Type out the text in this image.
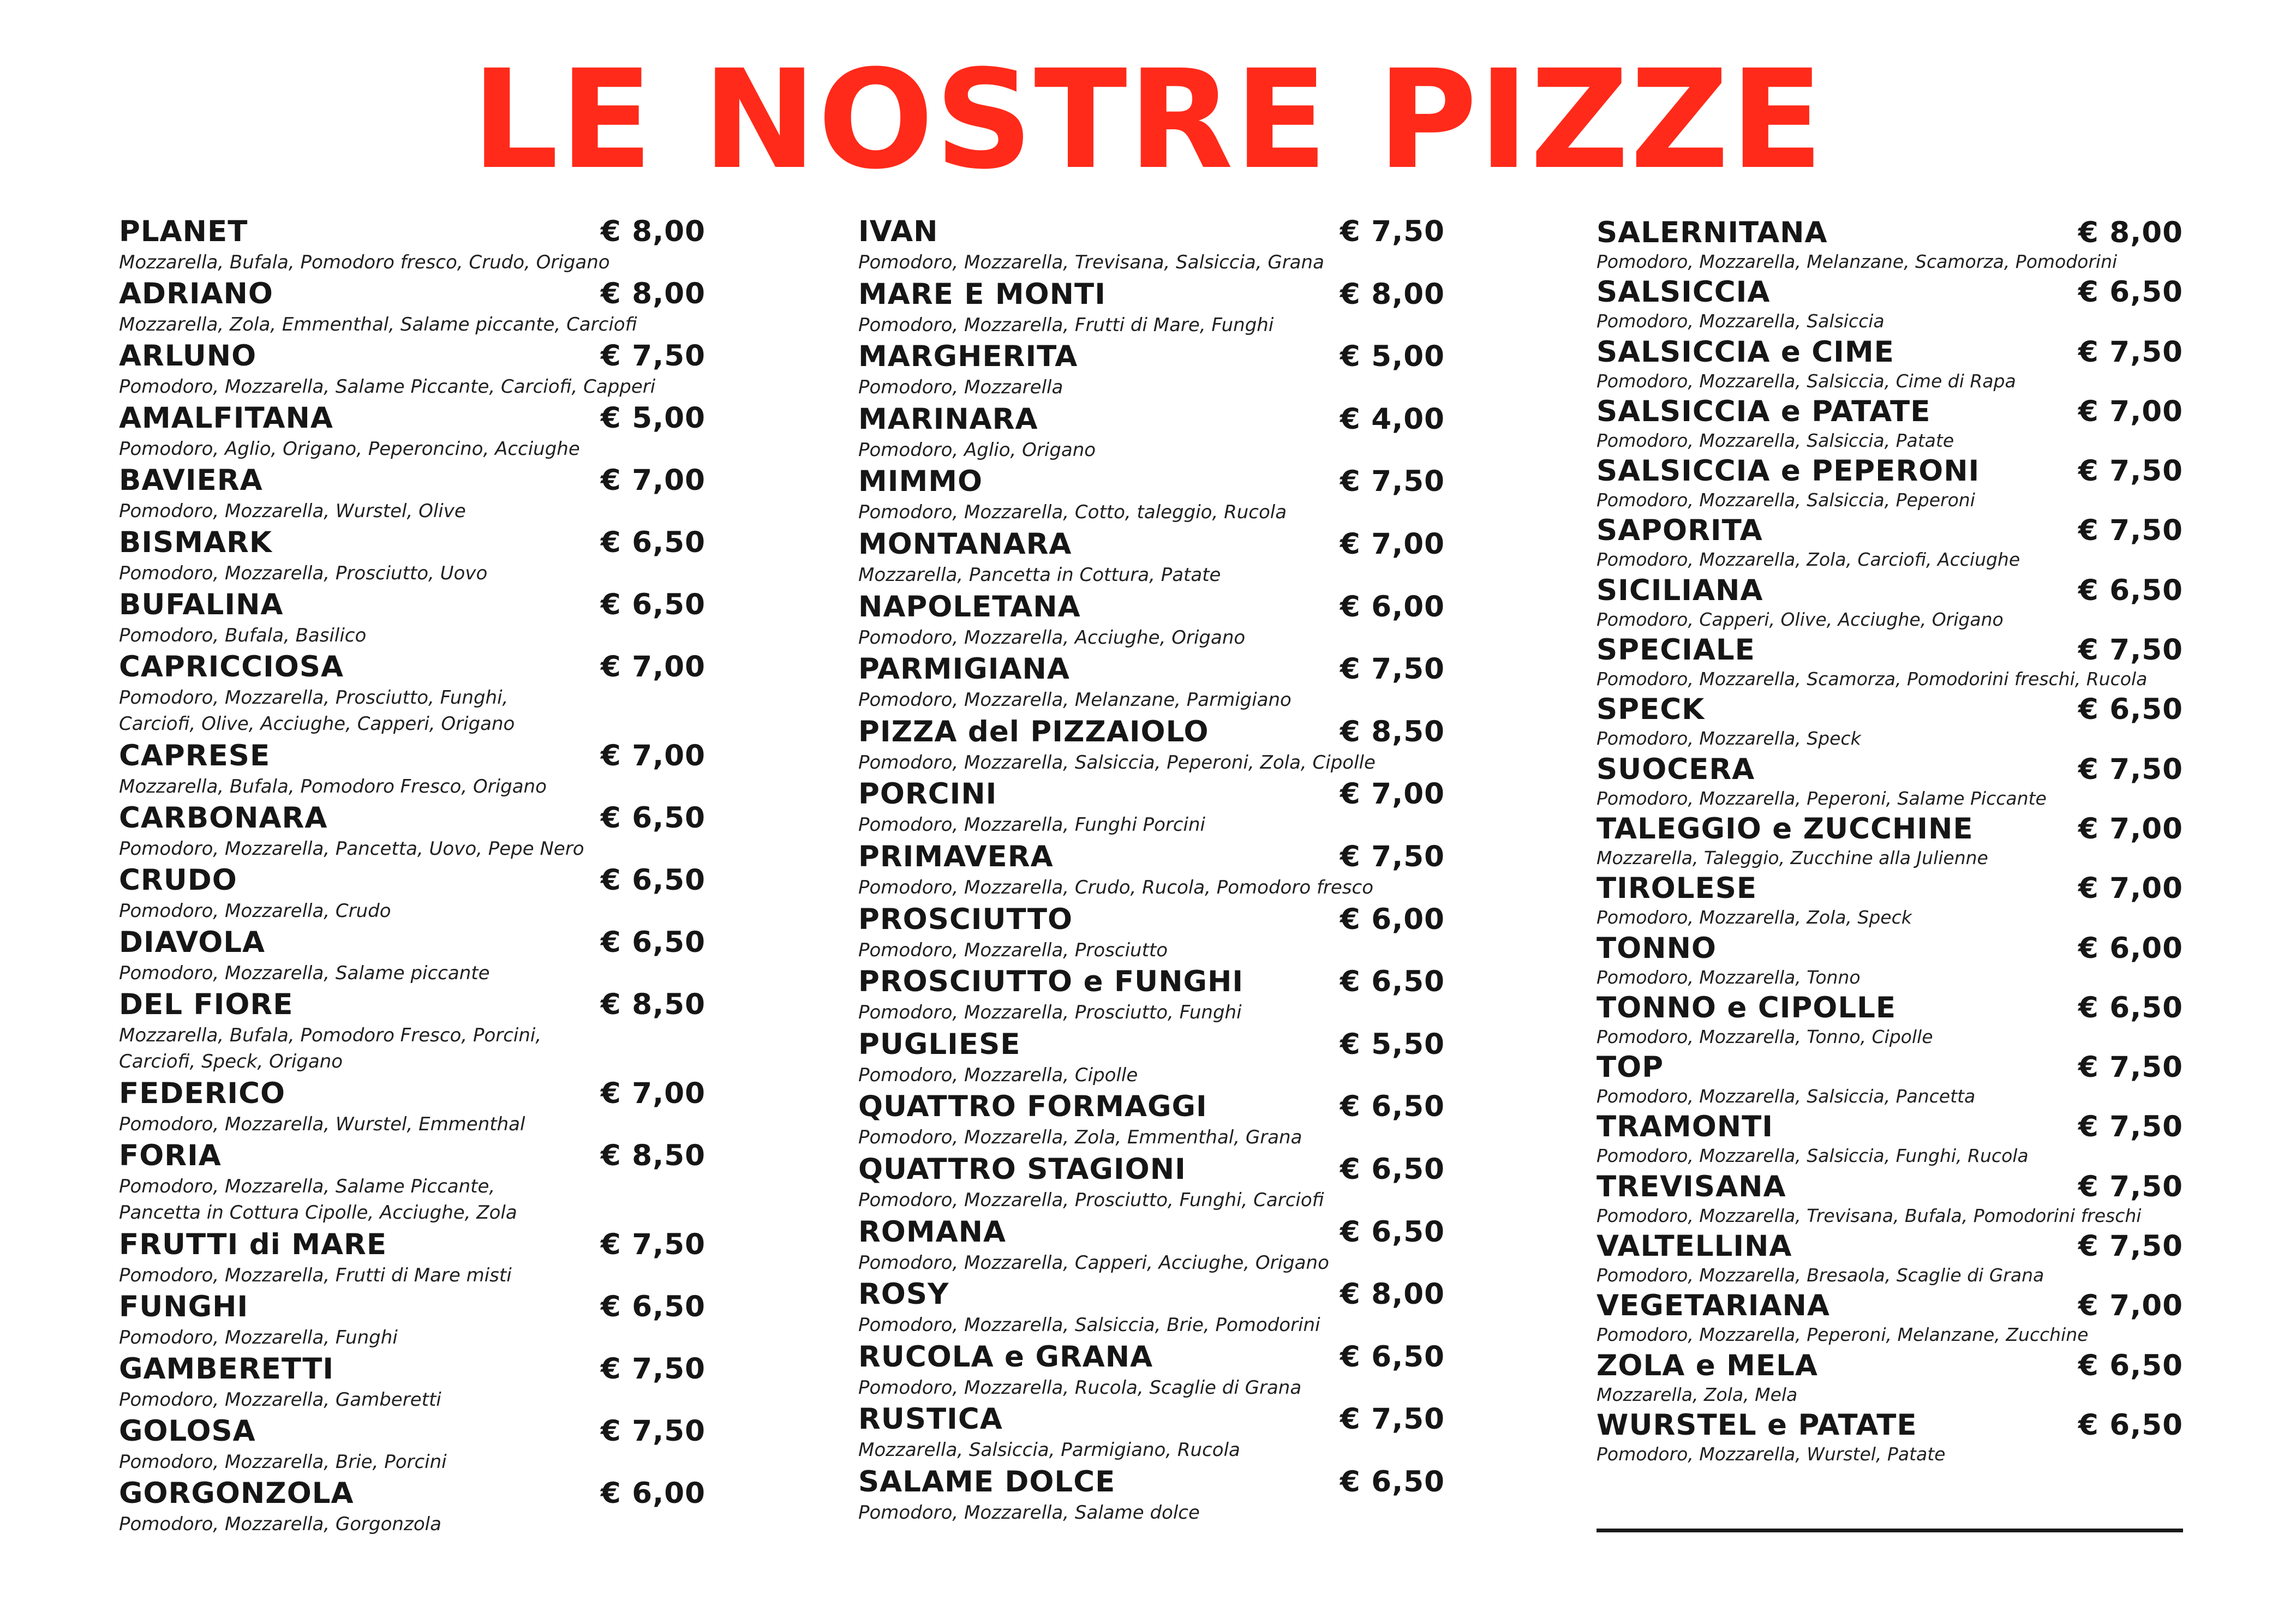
LE NOSTRE PIZZE
PLANET	€ 8,00
Mozzarella, Bufala, Pomodoro fresco, Crudo, Origano
ADRIANO	€ 8,00
Mozzarella, Zola, Emmenthal, Salame piccante, Carciofi
ARLUNO	€ 7,50
Pomodoro, Mozzarella, Salame Piccante, Carciofi, Capperi
AMALFITANA	€ 5,00
Pomodoro, Aglio, Origano, Peperoncino, Acciughe
BAVIERA	€ 7,00
Pomodoro, Mozzarella, Wurstel, Olive
BISMARK	€ 6,50
Pomodoro, Mozzarella, Prosciutto, Uovo
BUFALINA	€ 6,50
Pomodoro, Bufala, Basilico
CAPRICCIOSA	€ 7,00
Pomodoro, Mozzarella, Prosciutto, Funghi,
Carciofi, Olive, Acciughe, Capperi, Origano
CAPRESE	€ 7,00
Mozzarella, Bufala, Pomodoro Fresco, Origano
CARBONARA	€ 6,50
Pomodoro, Mozzarella, Pancetta, Uovo, Pepe Nero
CRUDO	€ 6,50
Pomodoro, Mozzarella, Crudo
DIAVOLA	€ 6,50
Pomodoro, Mozzarella, Salame piccante
DEL FIORE	€ 8,50
Mozzarella, Bufala, Pomodoro Fresco, Porcini,
Carciofi, Speck, Origano
FEDERICO	€ 7,00
Pomodoro, Mozzarella, Wurstel, Emmenthal
FORIA	€ 8,50
Pomodoro, Mozzarella, Salame Piccante,
Pancetta in Cottura Cipolle, Acciughe, Zola
FRUTTI di MARE	€ 7,50
Pomodoro, Mozzarella, Frutti di Mare misti
FUNGHI	€ 6,50
Pomodoro, Mozzarella, Funghi
GAMBERETTI	€ 7,50
Pomodoro, Mozzarella, Gamberetti
GOLOSA	€ 7,50
Pomodoro, Mozzarella, Brie, Porcini
GORGONZOLA	€ 6,00
Pomodoro, Mozzarella, Gorgonzola
IVAN	€ 7,50
Pomodoro, Mozzarella, Trevisana, Salsiccia, Grana
MARE E MONTI	€ 8,00
Pomodoro, Mozzarella, Frutti di Mare, Funghi
MARGHERITA	€ 5,00
Pomodoro, Mozzarella
MARINARA	€ 4,00
Pomodoro, Aglio, Origano
MIMMO	€ 7,50
Pomodoro, Mozzarella, Cotto, taleggio, Rucola
MONTANARA	€ 7,00
Mozzarella, Pancetta in Cottura, Patate
NAPOLETANA	€ 6,00
Pomodoro, Mozzarella, Acciughe, Origano
PARMIGIANA	€ 7,50
Pomodoro, Mozzarella, Melanzane, Parmigiano
PIZZA del PIZZAIOLO	€ 8,50
Pomodoro, Mozzarella, Salsiccia, Peperoni, Zola, Cipolle
PORCINI	€ 7,00
Pomodoro, Mozzarella, Funghi Porcini
PRIMAVERA	€ 7,50
Pomodoro, Mozzarella, Crudo, Rucola, Pomodoro fresco
PROSCIUTTO	€ 6,00
Pomodoro, Mozzarella, Prosciutto
PROSCIUTTO e FUNGHI	€ 6,50
Pomodoro, Mozzarella, Prosciutto, Funghi
PUGLIESE	€ 5,50
Pomodoro, Mozzarella, Cipolle
QUATTRO FORMAGGI	€ 6,50
Pomodoro, Mozzarella, Zola, Emmenthal, Grana
QUATTRO STAGIONI	€ 6,50
Pomodoro, Mozzarella, Prosciutto, Funghi, Carciofi
ROMANA	€ 6,50
Pomodoro, Mozzarella, Capperi, Acciughe, Origano
ROSY	€ 8,00
Pomodoro, Mozzarella, Salsiccia, Brie, Pomodorini
RUCOLA e GRANA	€ 6,50
Pomodoro, Mozzarella, Rucola, Scaglie di Grana
RUSTICA	€ 7,50
Mozzarella, Salsiccia, Parmigiano, Rucola
SALAME DOLCE	€ 6,50
Pomodoro, Mozzarella, Salame dolce
SALERNITANA	€ 8,00
Pomodoro, Mozzarella, Melanzane, Scamorza, Pomodorini
SALSICCIA	€ 6,50
Pomodoro, Mozzarella, Salsiccia
SALSICCIA e CIME	€ 7,50
Pomodoro, Mozzarella, Salsiccia, Cime di Rapa
SALSICCIA e PATATE	€ 7,00
Pomodoro, Mozzarella, Salsiccia, Patate
SALSICCIA e PEPERONI	€ 7,50
Pomodoro, Mozzarella, Salsiccia, Peperoni
SAPORITA	€ 7,50
Pomodoro, Mozzarella, Zola, Carciofi, Acciughe
SICILIANA	€ 6,50
Pomodoro, Capperi, Olive, Acciughe, Origano
SPECIALE	€ 7,50
Pomodoro, Mozzarella, Scamorza, Pomodorini freschi, Rucola
SPECK	€ 6,50
Pomodoro, Mozzarella, Speck
SUOCERA	€ 7,50
Pomodoro, Mozzarella, Peperoni, Salame Piccante
TALEGGIO e ZUCCHINE	€ 7,00
Mozzarella, Taleggio, Zucchine alla Julienne
TIROLESE	€ 7,00
Pomodoro, Mozzarella, Zola, Speck
TONNO	€ 6,00
Pomodoro, Mozzarella, Tonno
TONNO e CIPOLLE	€ 6,50
Pomodoro, Mozzarella, Tonno, Cipolle
TOP	€ 7,50
Pomodoro, Mozzarella, Salsiccia, Pancetta
TRAMONTI	€ 7,50
Pomodoro, Mozzarella, Salsiccia, Funghi, Rucola
TREVISANA	€ 7,50
Pomodoro, Mozzarella, Trevisana, Bufala, Pomodorini freschi
VALTELLINA	€ 7,50
Pomodoro, Mozzarella, Bresaola, Scaglie di Grana
VEGETARIANA	€ 7,00
Pomodoro, Mozzarella, Peperoni, Melanzane, Zucchine
ZOLA e MELA	€ 6,50
Mozzarella, Zola, Mela
WURSTEL e PATATE	€ 6,50
Pomodoro, Mozzarella, Wurstel, Patate
